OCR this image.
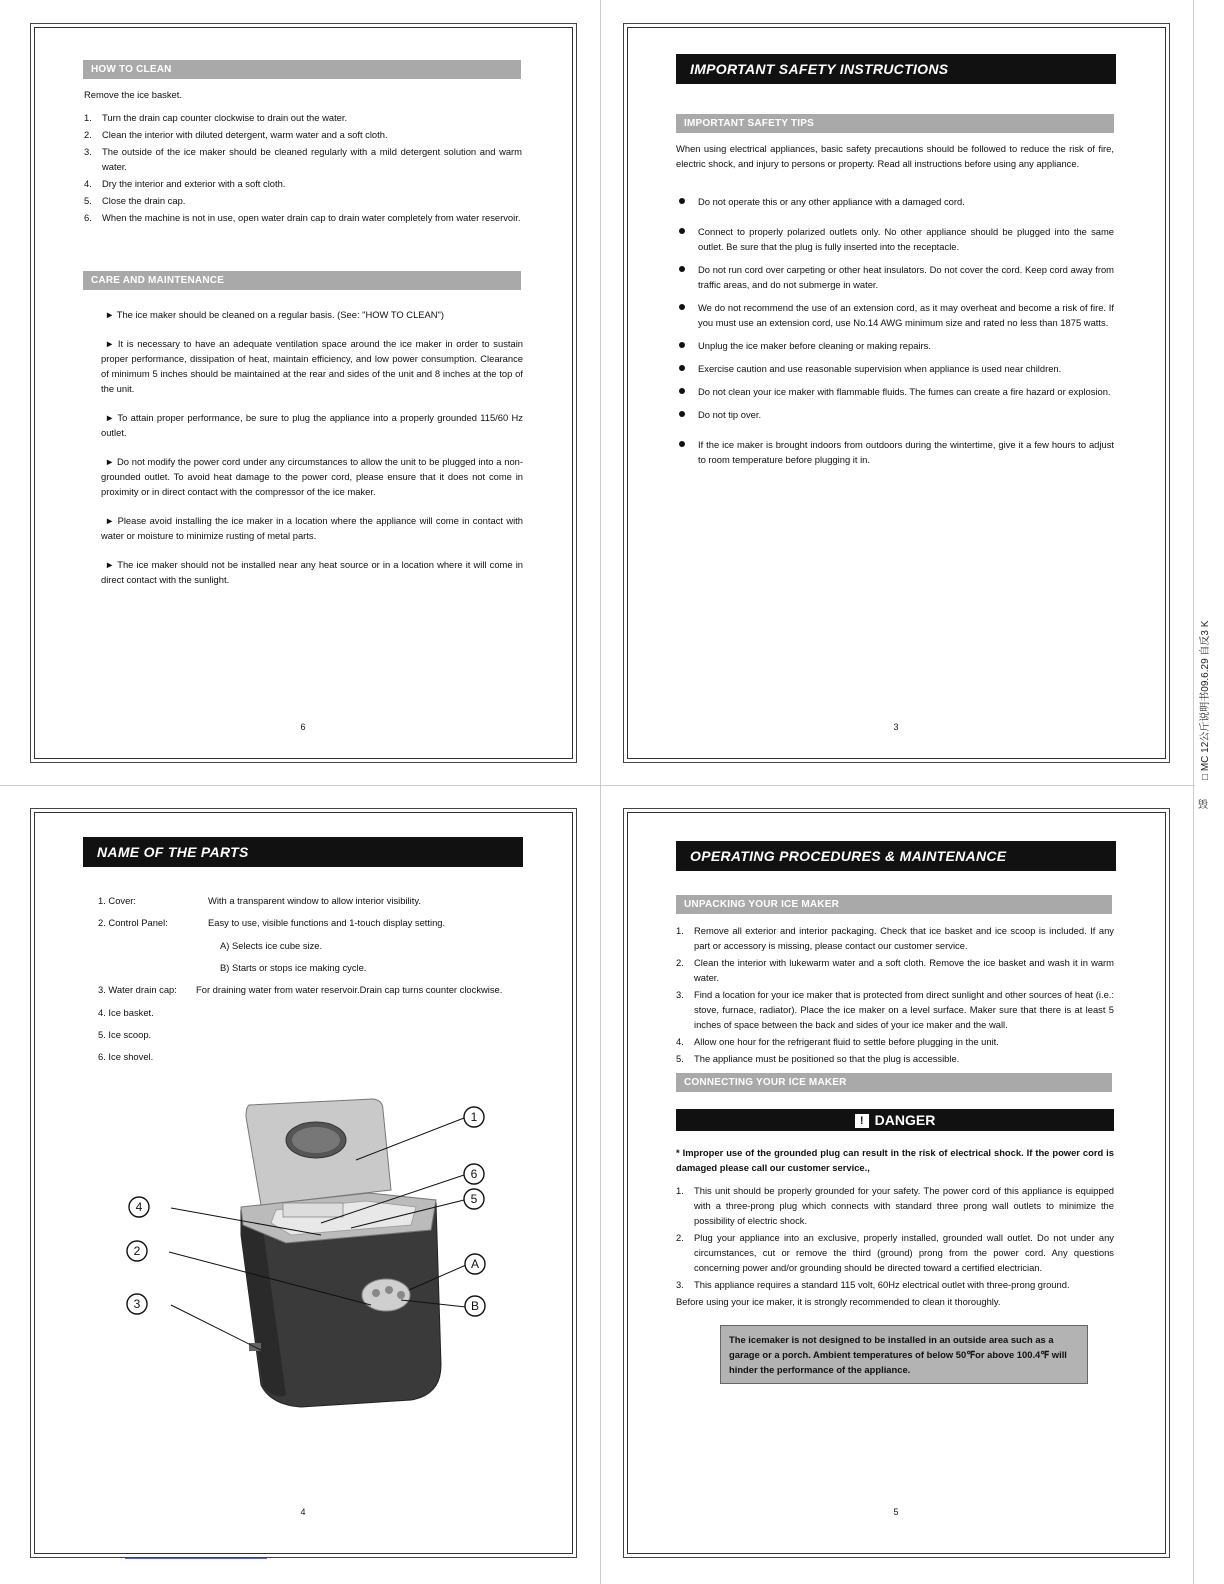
HOW TO CLEAN
Remove the ice basket.
1. Turn the drain cap counter clockwise to drain out the water.
2. Clean the interior with diluted detergent, warm water and a soft cloth.
3. The outside of the ice maker should be cleaned regularly with a mild detergent solution and warm water.
4. Dry the interior and exterior with a soft cloth.
5. Close the drain cap.
6. When the machine is not in use, open water drain cap to drain water completely from water reservoir.
CARE AND MAINTENANCE

► The ice maker should be cleaned on a regular basis. (See: "HOW TO CLEAN")

► It is necessary to have an adequate ventilation space around the ice maker in order to sustain proper performance, dissipation of heat, maintain efficiency, and low power consumption. Clearance of minimum 5 inches should be maintained at the rear and sides of the unit and 8 inches at the top of the unit.

► To attain proper performance, be sure to plug the appliance into a properly grounded 115/60 Hz outlet.

► Do not modify the power cord under any circumstances to allow the unit to be plugged into a non-grounded outlet. To avoid heat damage to the power cord, please ensure that it does not come in proximity or in direct contact with the compressor of the ice maker.

► Please avoid installing the ice maker in a location where the appliance will come in contact with water or moisture to minimize rusting of metal parts.

► The ice maker should not be installed near any heat source or in a location where it will come in direct contact with the sunlight.

6
IMPORTANT SAFETY INSTRUCTIONS
IMPORTANT SAFETY TIPS
When using electrical appliances, basic safety precautions should be followed to reduce the risk of fire, electric shock, and injury to persons or property. Read all instructions before using any appliance.
Do not operate this or any other appliance with a damaged cord.
Connect to properly polarized outlets only. No other appliance should be plugged into the same outlet. Be sure that the plug is fully inserted into the receptacle.
Do not run cord over carpeting or other heat insulators. Do not cover the cord. Keep cord away from traffic areas, and do not submerge in water.
We do not recommend the use of an extension cord, as it may overheat and become a risk of fire. If you must use an extension cord, use No.14 AWG minimum size and rated no less than 1875 watts.
Unplug the ice maker before cleaning or making repairs.
Exercise caution and use reasonable supervision when appliance is used near children.
Do not clean your ice maker with flammable fluids. The fumes can create a fire hazard or explosion.
Do not tip over.
If the ice maker is brought indoors from outdoors during the wintertime, give it a few hours to adjust to room temperature before plugging it in.
3
NAME OF THE PARTS
1. Cover:	With a transparent window to allow interior visibility.
2. Control Panel:	Easy to use, visible functions and 1-touch display setting.
A) Selects ice cube size.
B) Starts or stops ice making cycle.
3. Water drain cap: For draining water from water reservoir.Drain cap turns counter clockwise.
4. Ice basket.
5. Ice scoop.
6. Ice shovel.
1
6
5
4
2
A
3	B
4
OPERATING PROCEDURES & MAINTENANCE
UNPACKING YOUR ICE MAKER
1. Remove all exterior and interior packaging. Check that ice basket and ice scoop is included. If any part or accessory is missing, please contact our customer service.
2. Clean the interior with lukewarm water and a soft cloth. Remove the ice basket and wash it in warm water.
3. Find a location for your ice maker that is protected from direct sunlight and other sources of heat (i.e.: stove, furnace, radiator). Place the ice maker on a level surface. Maker sure that there is at least 5 inches of space between the back and sides of your ice maker and the wall.
4. Allow one hour for the refrigerant fluid to settle before plugging in the unit.
5. The appliance must be positioned so that the plug is accessible.
CONNECTING YOUR ICE MAKER
! DANGER
* Improper use of the grounded plug can result in the risk of electrical shock. If the power cord is damaged please call our customer service.,
1. This unit should be properly grounded for your safety. The power cord of this appliance is equipped with a three-prong plug which connects with standard three prong wall outlets to minimize the possibility of electric shock.
2. Plug your appliance into an exclusive, properly installed, grounded wall outlet. Do not under any circumstances, cut or remove the third (ground) prong from the power cord. Any questions concerning power and/or grounding should be directed toward a certified electrician.
3. This appliance requires a standard 115 volt, 60Hz electrical outlet with three-prong ground.
Before using your ice maker, it is strongly recommended to clean it thoroughly.
The icemaker is not designed to be installed in an outside area such as a garage or a porch. Ambient temperatures of below 50℉or above 100.4℉ will hinder the performance of the appliance.
5
□ MC 12公斤说明书09.6.29 自反3 K
毁
